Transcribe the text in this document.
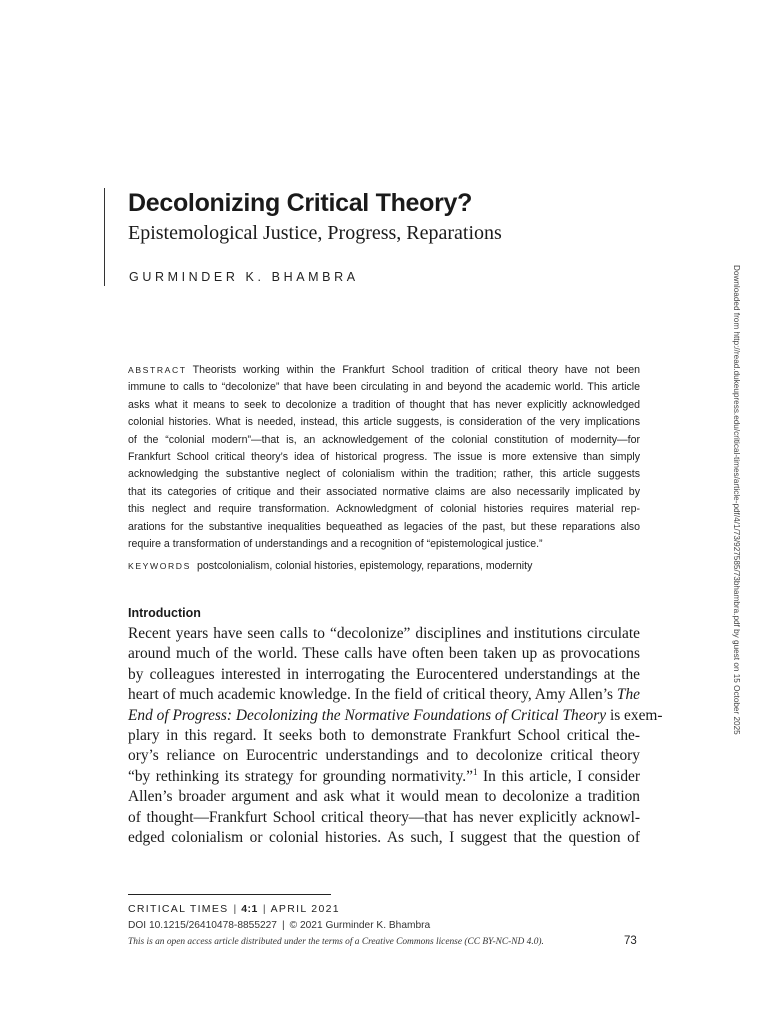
Decolonizing Critical Theory?
Epistemological Justice, Progress, Reparations
GURMINDER K. BHAMBRA
ABSTRACT Theorists working within the Frankfurt School tradition of critical theory have not been
immune to calls to “decolonize” that have been circulating in and beyond the academic world. This article
asks what it means to seek to decolonize a tradition of thought that has never explicitly acknowledged
colonial histories. What is needed, instead, this article suggests, is consideration of the very implications
of the “colonial modern”—that is, an acknowledgement of the colonial constitution of modernity—for
Frankfurt School critical theory’s idea of historical progress. The issue is more extensive than simply
acknowledging the substantive neglect of colonialism within the tradition; rather, this article suggests
that its categories of critique and their associated normative claims are also necessarily implicated by
this neglect and require transformation. Acknowledgment of colonial histories requires material rep-
arations for the substantive inequalities bequeathed as legacies of the past, but these reparations also
require a transformation of understandings and a recognition of “epistemological justice.”
KEYWORDS postcolonialism, colonial histories, epistemology, reparations, modernity
Introduction
Recent years have seen calls to “decolonize” disciplines and institutions circulate
around much of the world. These calls have often been taken up as provocations
by colleagues interested in interrogating the Eurocentered understandings at the
heart of much academic knowledge. In the field of critical theory, Amy Allen’s The
End of Progress: Decolonizing the Normative Foundations of Critical Theory is exem-
plary in this regard. It seeks both to demonstrate Frankfurt School critical the-
ory’s reliance on Eurocentric understandings and to decolonize critical theory
“by rethinking its strategy for grounding normativity.”$^1$ In this article, I consider
Allen’s broader argument and ask what it would mean to decolonize a tradition
of thought—Frankfurt School critical theory—that has never explicitly acknowl-
edged colonialism or colonial histories. As such, I suggest that the question of
CRITICAL TIMES | 4:1 | APRIL 2021
DOI 10.1215/26410478-8855227 | © 2021 Gurminder K. Bhambra
This is an open access article distributed under the terms of a Creative Commons license (CC BY-NC-ND 4.0).	73
Downloaded from http://read.dukeupress.edu/critical-times/article-pdf/4/1/73/927585/73bhambra.pdf by guest on 15 October 2025
